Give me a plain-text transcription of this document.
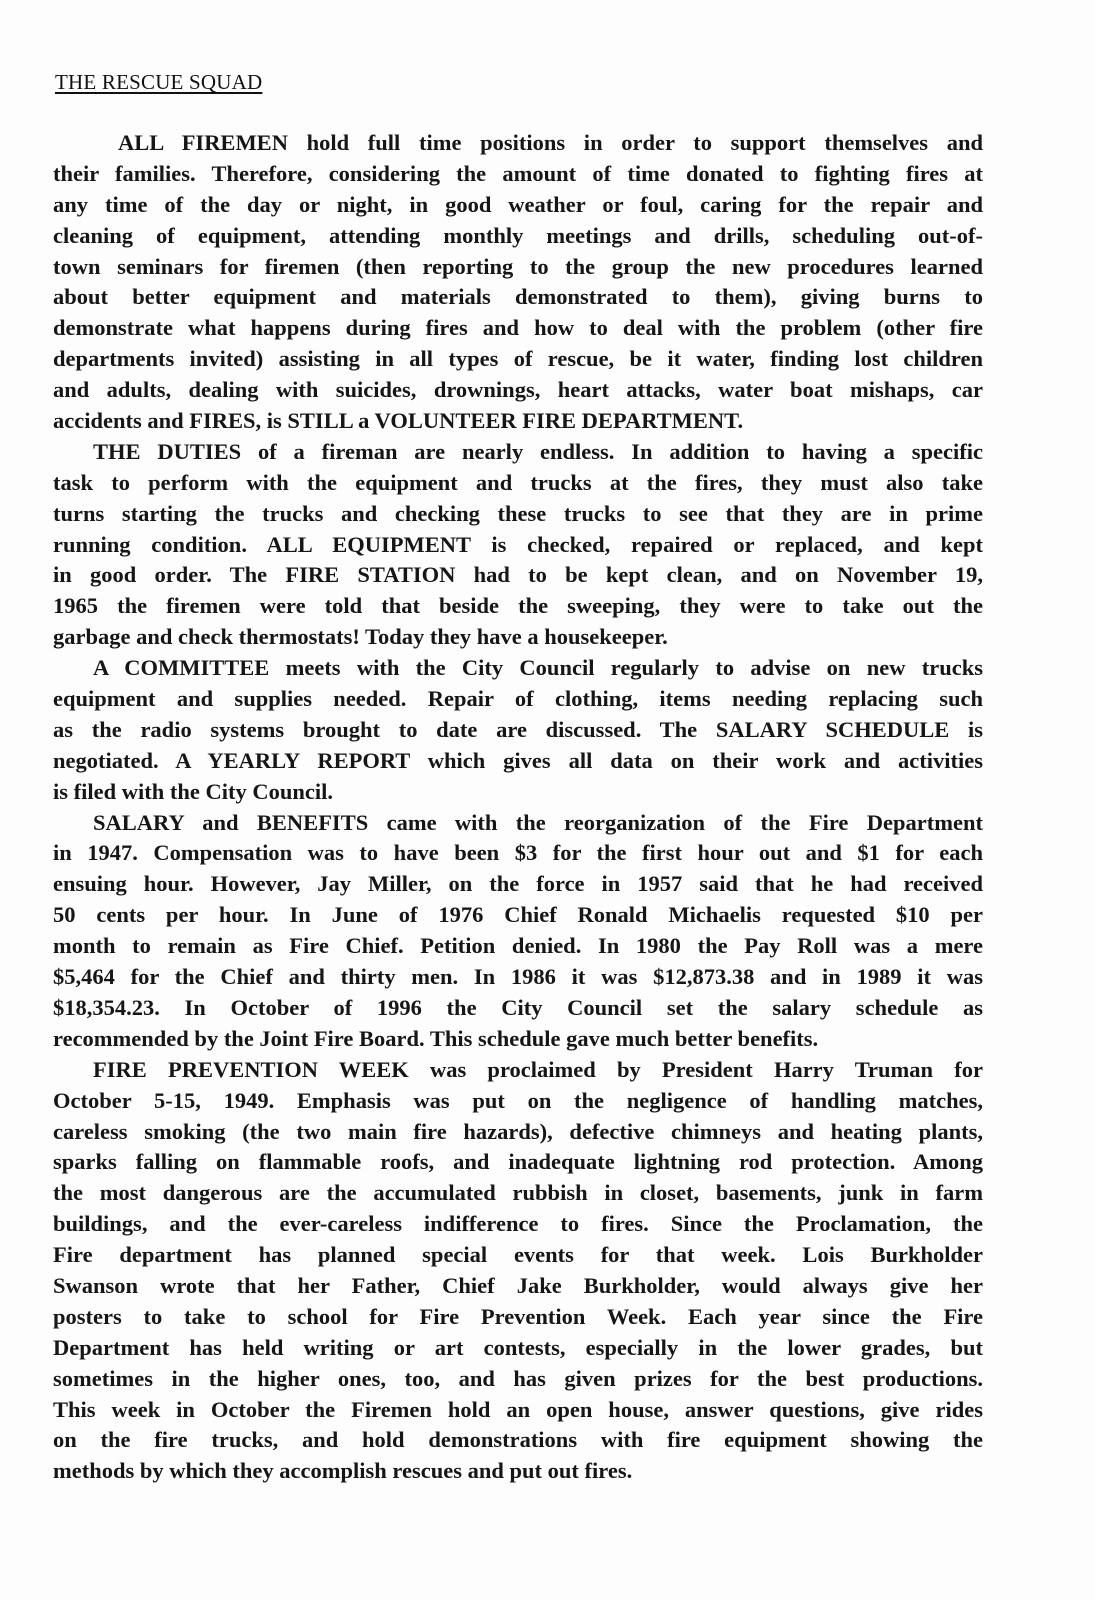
THE RESCUE SQUAD
ALL FIREMEN hold full time positions in order to support themselves and
their families. Therefore, considering the amount of time donated to fighting fires at
any time of the day or night, in good weather or foul, caring for the repair and
cleaning of equipment, attending monthly meetings and drills, scheduling out-of-
town seminars for firemen (then reporting to the group the new procedures learned
about better equipment and materials demonstrated to them), giving burns to
demonstrate what happens during fires and how to deal with the problem (other fire
departments invited) assisting in all types of rescue, be it water, finding lost children
and adults, dealing with suicides, drownings, heart attacks, water boat mishaps, car
accidents and FIRES, is STILL a VOLUNTEER FIRE DEPARTMENT.
THE DUTIES of a fireman are nearly endless. In addition to having a specific
task to perform with the equipment and trucks at the fires, they must also take
turns starting the trucks and checking these trucks to see that they are in prime
running condition. ALL EQUIPMENT is checked, repaired or replaced, and kept
in good order. The FIRE STATION had to be kept clean, and on November 19,
1965 the firemen were told that beside the sweeping, they were to take out the
garbage and check thermostats! Today they have a housekeeper.
A COMMITTEE meets with the City Council regularly to advise on new trucks
equipment and supplies needed. Repair of clothing, items needing replacing such
as the radio systems brought to date are discussed. The SALARY SCHEDULE is
negotiated. A YEARLY REPORT which gives all data on their work and activities
is filed with the City Council.
SALARY and BENEFITS came with the reorganization of the Fire Department
in 1947. Compensation was to have been $3 for the first hour out and $1 for each
ensuing hour. However, Jay Miller, on the force in 1957 said that he had received
50 cents per hour. In June of 1976 Chief Ronald Michaelis requested $10 per
month to remain as Fire Chief. Petition denied. In 1980 the Pay Roll was a mere
$5,464 for the Chief and thirty men. In 1986 it was $12,873.38 and in 1989 it was
$18,354.23. In October of 1996 the City Council set the salary schedule as
recommended by the Joint Fire Board. This schedule gave much better benefits.
FIRE PREVENTION WEEK was proclaimed by President Harry Truman for
October 5-15, 1949. Emphasis was put on the negligence of handling matches,
careless smoking (the two main fire hazards), defective chimneys and heating plants,
sparks falling on flammable roofs, and inadequate lightning rod protection. Among
the most dangerous are the accumulated rubbish in closet, basements, junk in farm
buildings, and the ever-careless indifference to fires. Since the Proclamation, the
Fire department has planned special events for that week. Lois Burkholder
Swanson wrote that her Father, Chief Jake Burkholder, would always give her
posters to take to school for Fire Prevention Week. Each year since the Fire
Department has held writing or art contests, especially in the lower grades, but
sometimes in the higher ones, too, and has given prizes for the best productions.
This week in October the Firemen hold an open house, answer questions, give rides
on the fire trucks, and hold demonstrations with fire equipment showing the
methods by which they accomplish rescues and put out fires.
